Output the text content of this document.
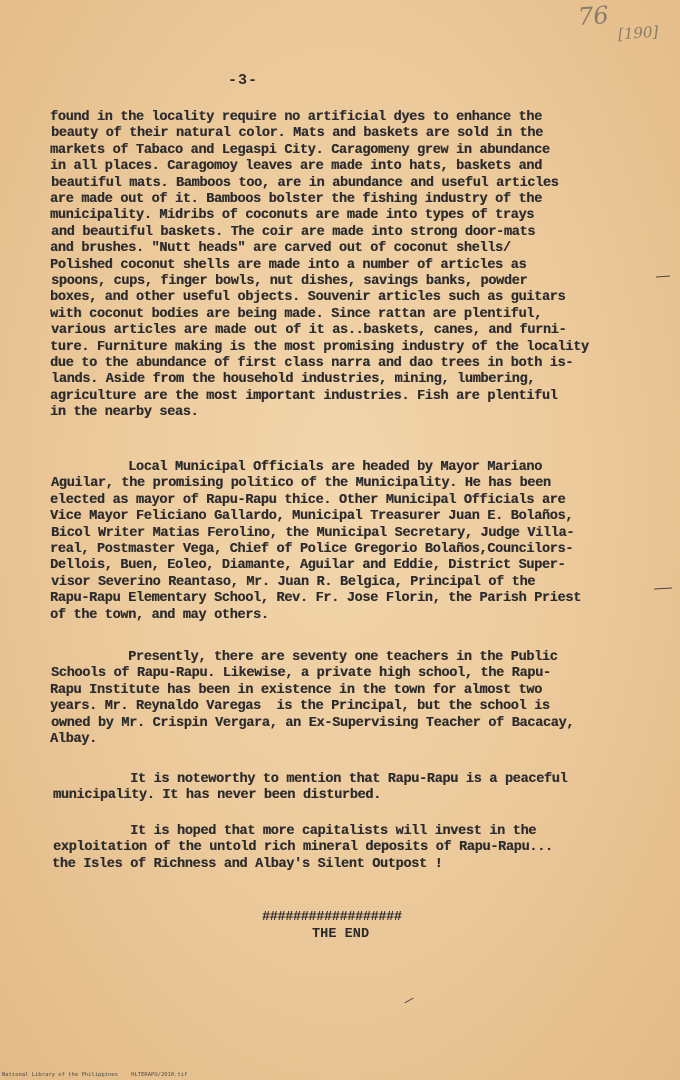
76
[190]
-3-
found in the locality require no artificial dyes to enhance the
beauty of their natural color. Mats and baskets are sold in the
markets of Tabaco and Legaspi City. Caragomeny grew in abundance
in all places. Caragomoy leaves are made into hats, baskets and
beautiful mats. Bamboos too, are in abundance and useful articles
are made out of it. Bamboos bolster the fishing industry of the
municipality. Midribs of coconuts are made into types of trays
and beautiful baskets. The coir are made into strong door-mats
and brushes. "Nutt heads" are carved out of coconut shells/
Polished coconut shells are made into a number of articles as
spoons, cups, finger bowls, nut dishes, savings banks, powder
boxes, and other useful objects. Souvenir articles such as guitars
with coconut bodies are being made. Since rattan are plentiful,
various articles are made out of it as..baskets, canes, and furni-
ture. Furniture making is the most promising industry of the locality
due to the abundance of first class narra and dao trees in both is-
lands. Aside from the household industries, mining, lumbering,
agriculture are the most important industries. Fish are plentiful
in the nearby seas.
Local Municipal Officials are headed by Mayor Mariano
Aguilar, the promising politico of the Municipality. He has been
elected as mayor of Rapu-Rapu thice. Other Municipal Officials are
Vice Mayor Feliciano Gallardo, Municipal Treasurer Juan E. Bolaños,
Bicol Writer Matias Ferolino, the Municipal Secretary, Judge Villa-
real, Postmaster Vega, Chief of Police Gregorio Bolaños,Councilors-
Dellois, Buen, Eoleo, Diamante, Aguilar and Eddie, District Super-
visor Severino Reantaso, Mr. Juan R. Belgica, Principal of the
Rapu-Rapu Elementary School, Rev. Fr. Jose Florin, the Parish Priest
of the town, and may others.
Presently, there are seventy one teachers in the Public
Schools of Rapu-Rapu. Likewise, a private high school, the Rapu-
Rapu Institute has been in existence in the town for almost two
years. Mr. Reynaldo Varegas  is the Principal, but the school is
owned by Mr. Crispin Vergara, an Ex-Supervising Teacher of Bacacay,
Albay.
It is noteworthy to mention that Rapu-Rapu is a peaceful
municipality. It has never been disturbed.
It is hoped that more capitalists will invest in the
exploitation of the untold rich mineral deposits of Rapu-Rapu...
the Isles of Richness and Albay's Silent Outpost !
##################
THE END
National Library of the Philippines    HLTERAPU/2010.tif
